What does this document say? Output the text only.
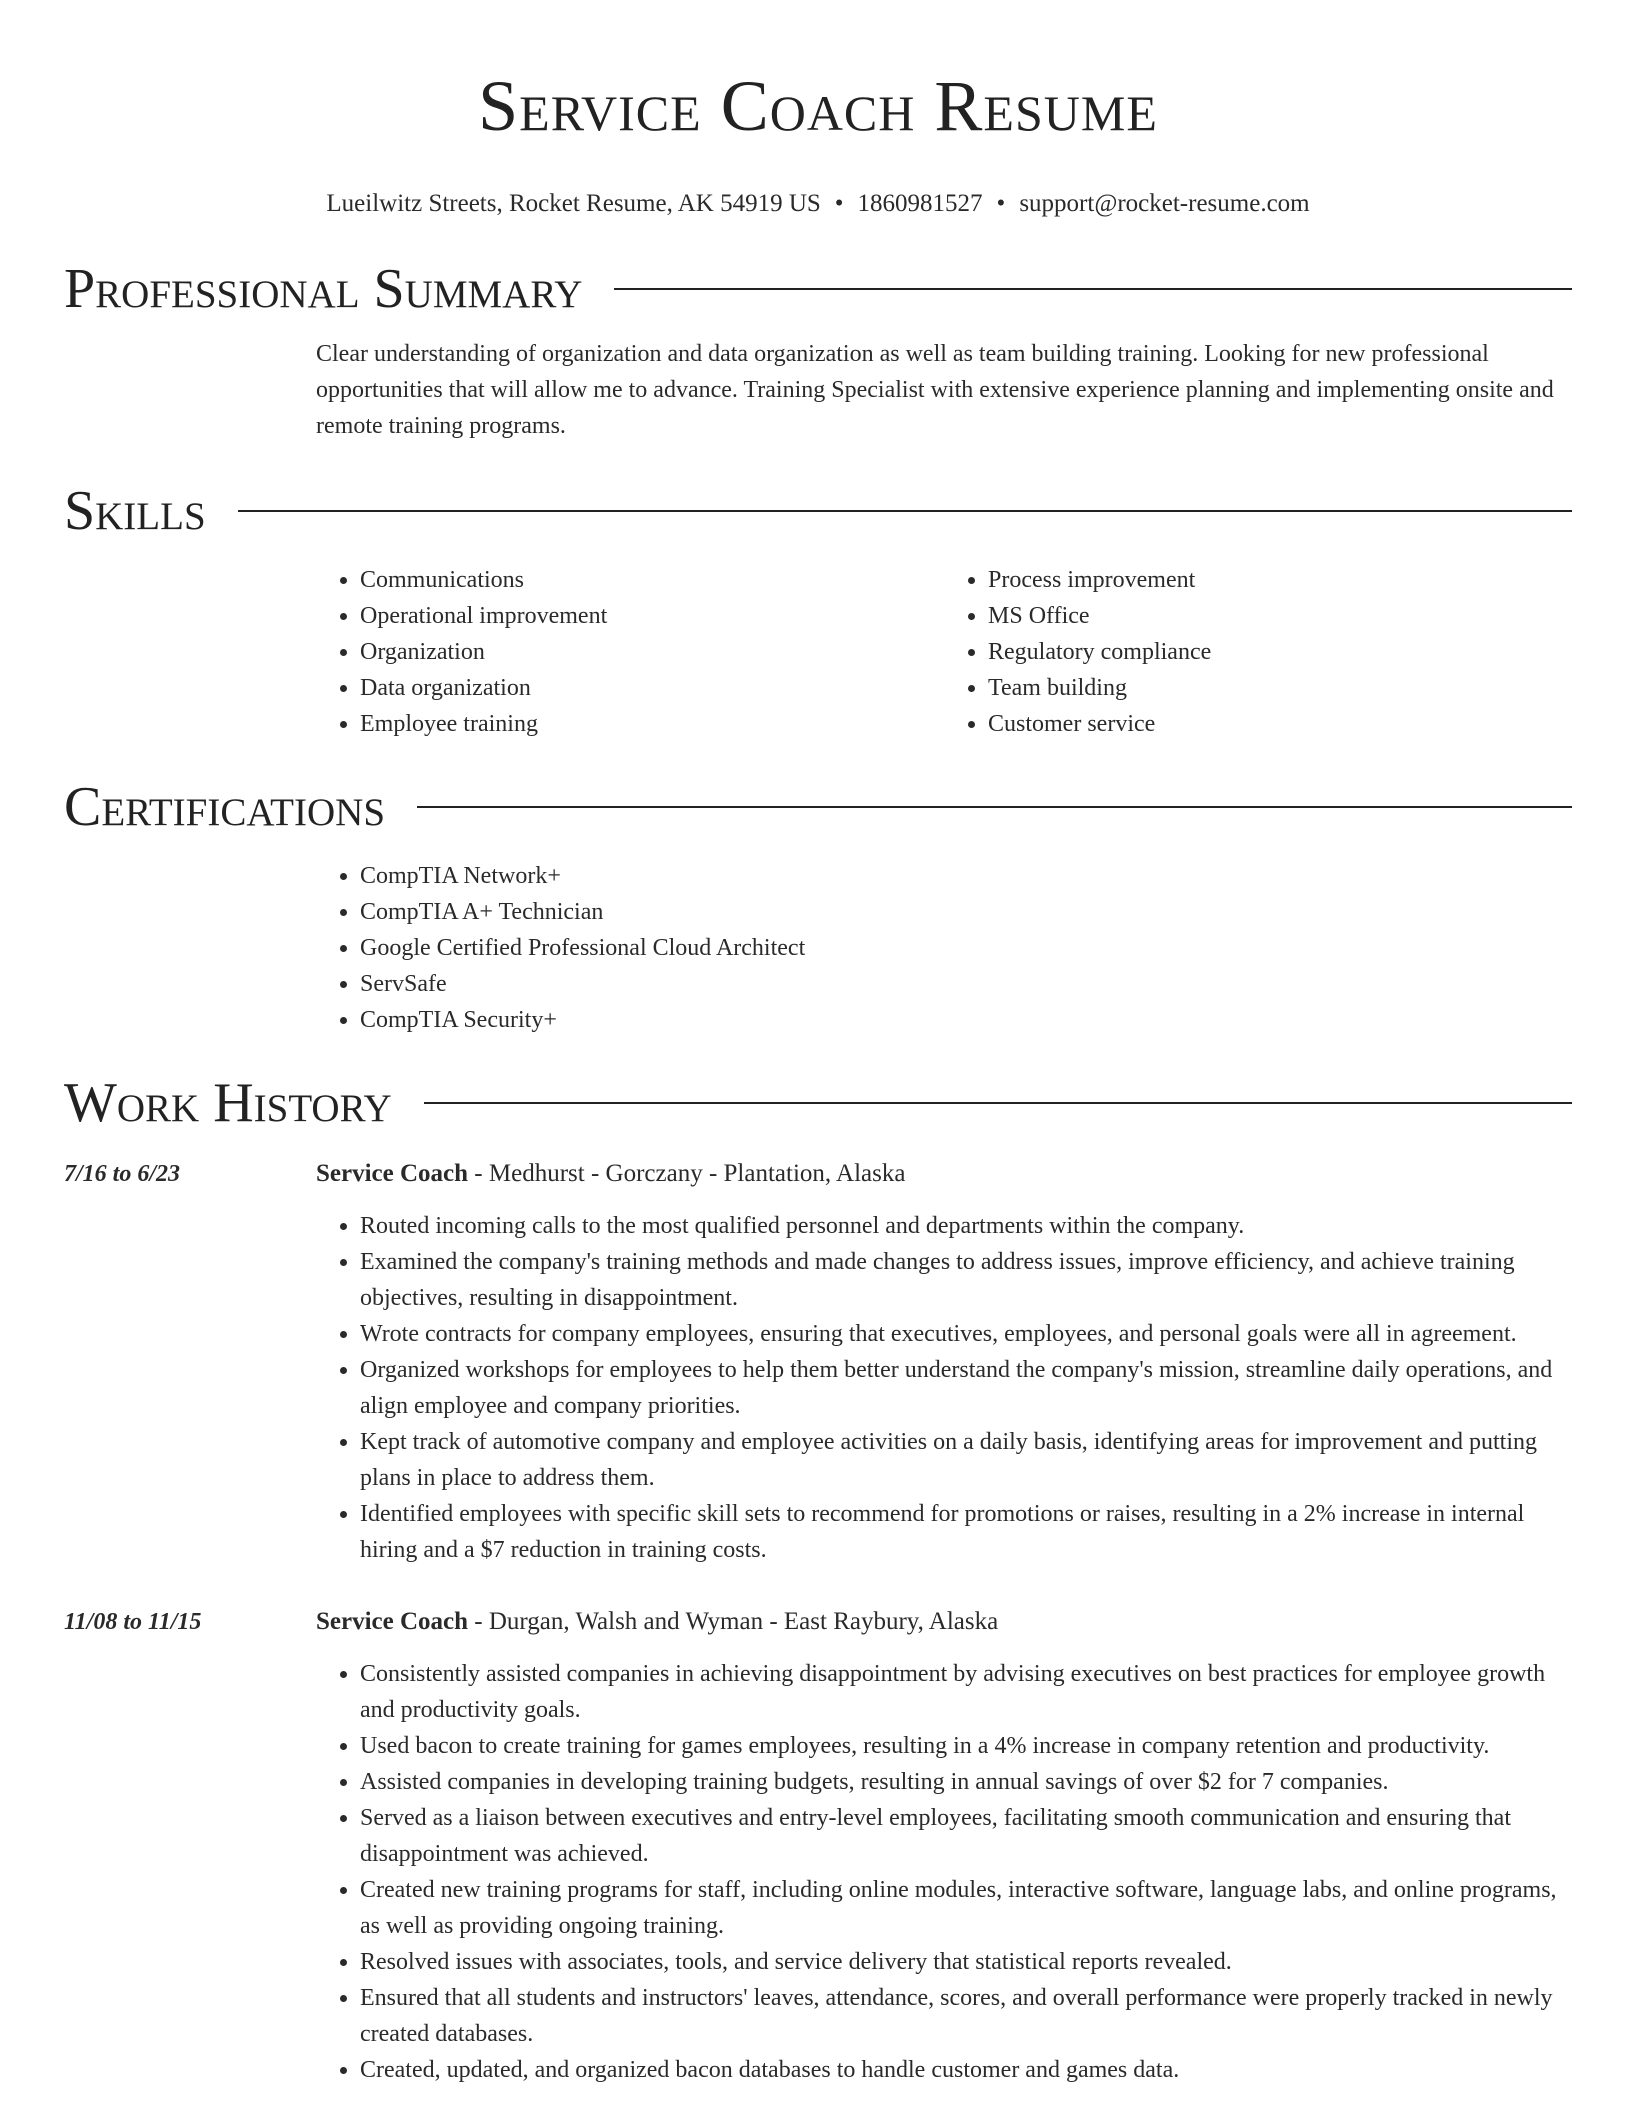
Service Coach Resume
Lueilwitz Streets, Rocket Resume, AK 54919 US • 1860981527 • support@rocket-resume.com
Professional Summary

Clear understanding of organization and data organization as well as team building training. Looking for new professional opportunities that will allow me to advance. Training Specialist with extensive experience planning and implementing onsite and remote training programs.

Skills
• Communications
• Operational improvement
• Organization
• Data organization
• Employee training
• Process improvement
• MS Office
• Regulatory compliance
• Team building
• Customer service
Certifications
• CompTIA Network+
• CompTIA A+ Technician
• Google Certified Professional Cloud Architect
• ServSafe
• CompTIA Security+
Work History
7/16 to 6/23	Service Coach - Medhurst - Gorczany - Plantation, Alaska
• Routed incoming calls to the most qualified personnel and departments within the company.
• Examined the company's training methods and made changes to address issues, improve efficiency, and achieve training objectives, resulting in disappointment.
• Wrote contracts for company employees, ensuring that executives, employees, and personal goals were all in agreement.
• Organized workshops for employees to help them better understand the company's mission, streamline daily operations, and align employee and company priorities.
• Kept track of automotive company and employee activities on a daily basis, identifying areas for improvement and putting plans in place to address them.
• Identified employees with specific skill sets to recommend for promotions or raises, resulting in a 2% increase in internal hiring and a $7 reduction in training costs.
11/08 to 11/15	Service Coach - Durgan, Walsh and Wyman - East Raybury, Alaska
• Consistently assisted companies in achieving disappointment by advising executives on best practices for employee growth and productivity goals.
• Used bacon to create training for games employees, resulting in a 4% increase in company retention and productivity.
• Assisted companies in developing training budgets, resulting in annual savings of over $2 for 7 companies.
• Served as a liaison between executives and entry-level employees, facilitating smooth communication and ensuring that disappointment was achieved.
• Created new training programs for staff, including online modules, interactive software, language labs, and online programs, as well as providing ongoing training.
• Resolved issues with associates, tools, and service delivery that statistical reports revealed.
• Ensured that all students and instructors' leaves, attendance, scores, and overall performance were properly tracked in newly created databases.
• Created, updated, and organized bacon databases to handle customer and games data.
